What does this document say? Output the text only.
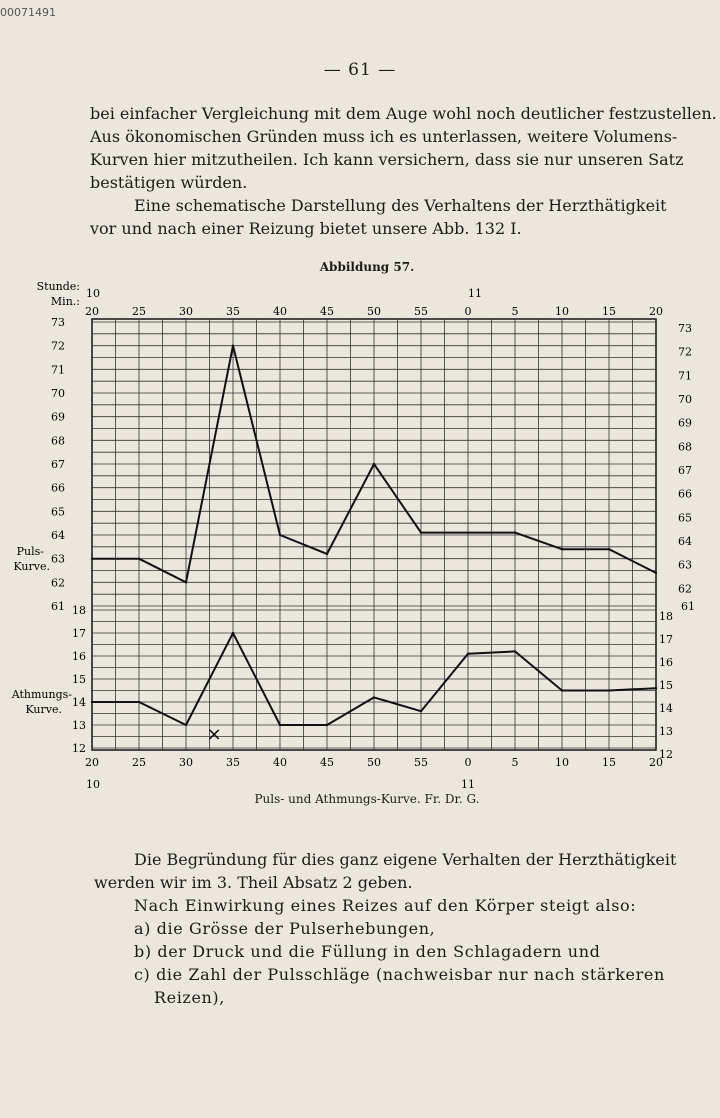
00071491
— 61 —

bei einfacher Vergleichung mit dem Auge wohl noch deutlicher festzustellen.
Aus ökonomischen Gründen muss ich es unterlassen, weitere Volumens-
Kurven hier mitzutheilen. Ich kann versichern, dass sie nur unseren Satz
bestätigen würden.
Eine schematische Darstellung des Verhaltens der Herzthätigkeit
vor und nach einer Reizung bietet unsere Abb. 132 I.

Abbildung 57.
Stunde:
Min.:
10
10
11
11
20
20
25
25
30
30
35
35
40
40
45
45
50
50
55
55
0
0
5
5
10
10
15
15
20
20
73
72
71
70
69
68
67
66
65
64
63
62
61
73
72
71
70
69
68
67
66
65
64
63
62
61
18
17
16
15
14
13
12
18
17
16
15
14
13
12
Puls-
Kurve.
Athmungs-
Kurve.
×
Puls- und Athmungs-Kurve. Fr. Dr. G.

Die Begründung für dies ganz eigene Verhalten der Herzthätigkeit
werden wir im 3. Theil Absatz 2 geben.

Nach Einwirkung eines Reizes auf den Körper steigt also:
a) die Grösse der Pulserhebungen,
b) der Druck und die Füllung in den Schlagadern und
c) die Zahl der Pulsschläge (nachweisbar nur nach stärkeren
Reizen),
